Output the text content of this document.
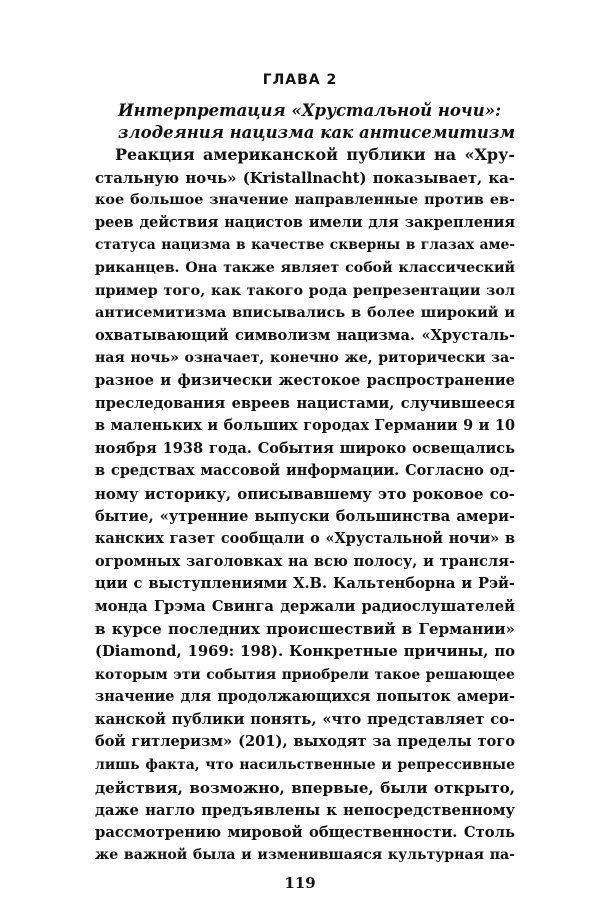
ГЛАВА 2
Интерпретация «Хрустальной ночи»:
злодеяния нацизма как антисемитизм
Реакция американской публики на «Хру-
стальную ночь» (Kristallnacht) показывает, ка-
кое большое значение направленные против ев-
реев действия нацистов имели для закрепления
статуса нацизма в качестве скверны в глазах аме-
риканцев. Она также являет собой классический
пример того, как такого рода репрезентации зол
антисемитизма вписывались в более широкий и
охватывающий символизм нацизма. «Хрусталь-
ная ночь» означает, конечно же, риторически за-
разное и физически жестокое распространение
преследования евреев нацистами, случившееся
в маленьких и больших городах Германии 9 и 10
ноября 1938 года. События широко освещались
в средствах массовой информации. Согласно од-
ному историку, описывавшему это роковое со-
бытие, «утренние выпуски большинства амери-
канских газет сообщали о «Хрустальной ночи» в
огромных заголовках на всю полосу, и трансля-
ции с выступлениями Х.В. Кальтенборна и Рэй-
монда Грэма Свинга держали радиослушателей
в курсе последних происшествий в Германии»
(Diamond, 1969: 198). Конкретные причины, по
которым эти события приобрели такое решающее
значение для продолжающихся попыток амери-
канской публики понять, «что представляет со-
бой гитлеризм» (201), выходят за пределы того
лишь факта, что насильственные и репрессивные
действия, возможно, впервые, были открыто,
даже нагло предъявлены к непосредственному
рассмотрению мировой общественности. Столь
же важной была и изменившаяся культурная па-
119
